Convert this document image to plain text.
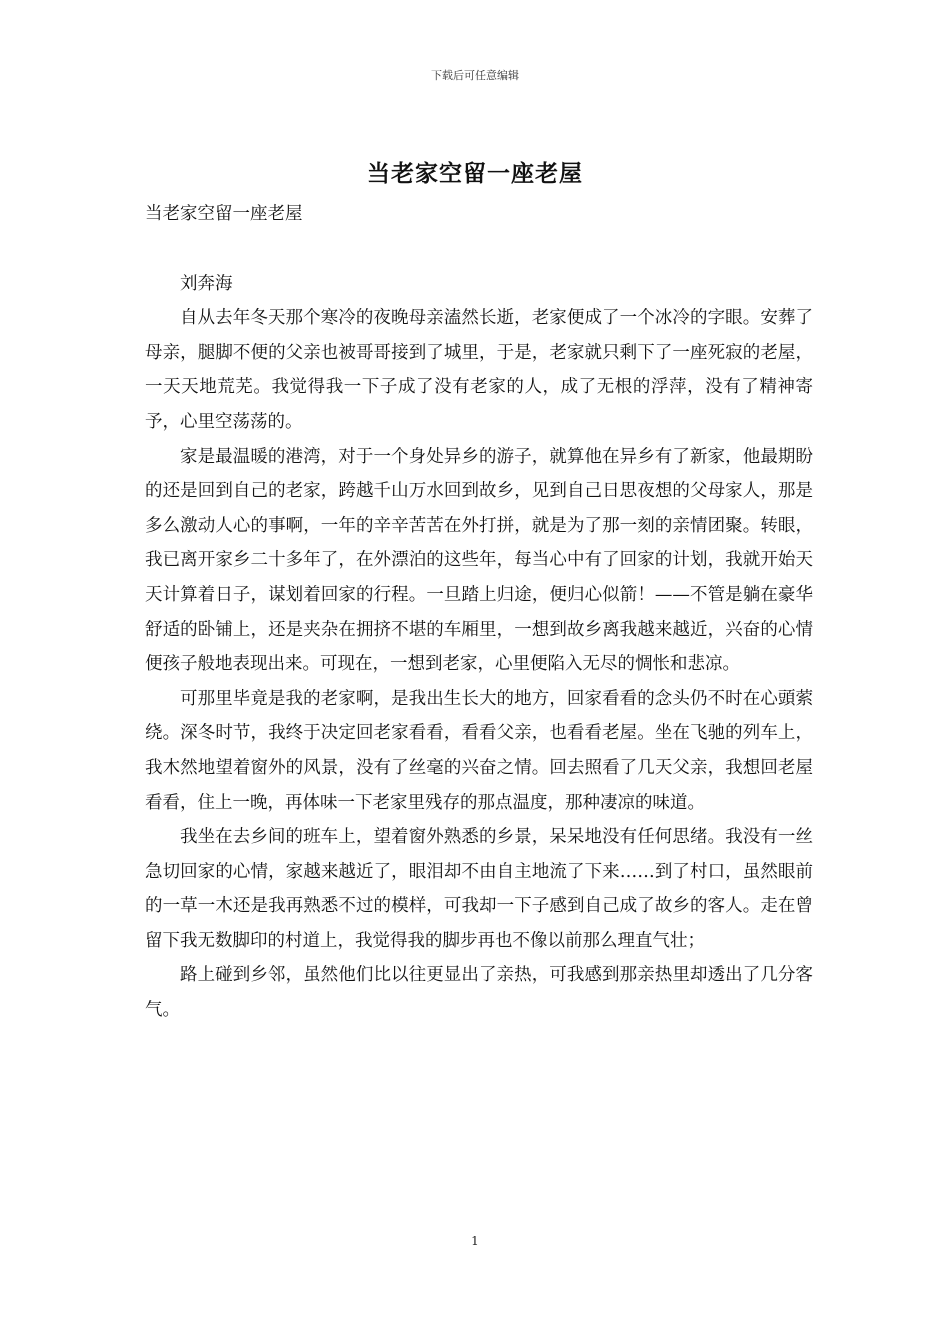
下载后可任意编辑
当老家空留一座老屋

当老家空留一座老屋

刘奔海

自从去年冬天那个寒冷的夜晚母亲溘然长逝，老家便成了一个冰冷的字眼。安葬了母亲，腿脚不便的父亲也被哥哥接到了城里，于是，老家就只剩下了一座死寂的老屋，一天天地荒芜。我觉得我一下子成了没有老家的人，成了无根的浮萍，没有了精神寄予，心里空荡荡的。

家是最温暖的港湾，对于一个身处异乡的游子，就算他在异乡有了新家，他最期盼的还是回到自己的老家，跨越千山万水回到故乡，见到自己日思夜想的父母家人，那是多么激动人心的事啊，一年的辛辛苦苦在外打拼，就是为了那一刻的亲情团聚。转眼，我已离开家乡二十多年了，在外漂泊的这些年，每当心中有了回家的计划，我就开始天天计算着日子，谋划着回家的行程。一旦踏上归途，便归心似箭！——不管是躺在豪华舒适的卧铺上，还是夹杂在拥挤不堪的车厢里，一想到故乡离我越来越近，兴奋的心情便孩子般地表现出来。可现在，一想到老家，心里便陷入无尽的惆怅和悲凉。

可那里毕竟是我的老家啊，是我出生长大的地方，回家看看的念头仍不时在心頭萦绕。深冬时节，我终于决定回老家看看，看看父亲，也看看老屋。坐在飞驰的列车上，我木然地望着窗外的风景，没有了丝毫的兴奋之情。回去照看了几天父亲，我想回老屋看看，住上一晚，再体味一下老家里残存的那点温度，那种凄凉的味道。

我坐在去乡间的班车上，望着窗外熟悉的乡景，呆呆地没有任何思绪。我没有一丝急切回家的心情，家越来越近了，眼泪却不由自主地流了下来……到了村口，虽然眼前的一草一木还是我再熟悉不过的模样，可我却一下子感到自己成了故乡的客人。走在曾留下我无数脚印的村道上，我觉得我的脚步再也不像以前那么理直气壮；

路上碰到乡邻，虽然他们比以往更显出了亲热，可我感到那亲热里却透出了几分客气。

1
